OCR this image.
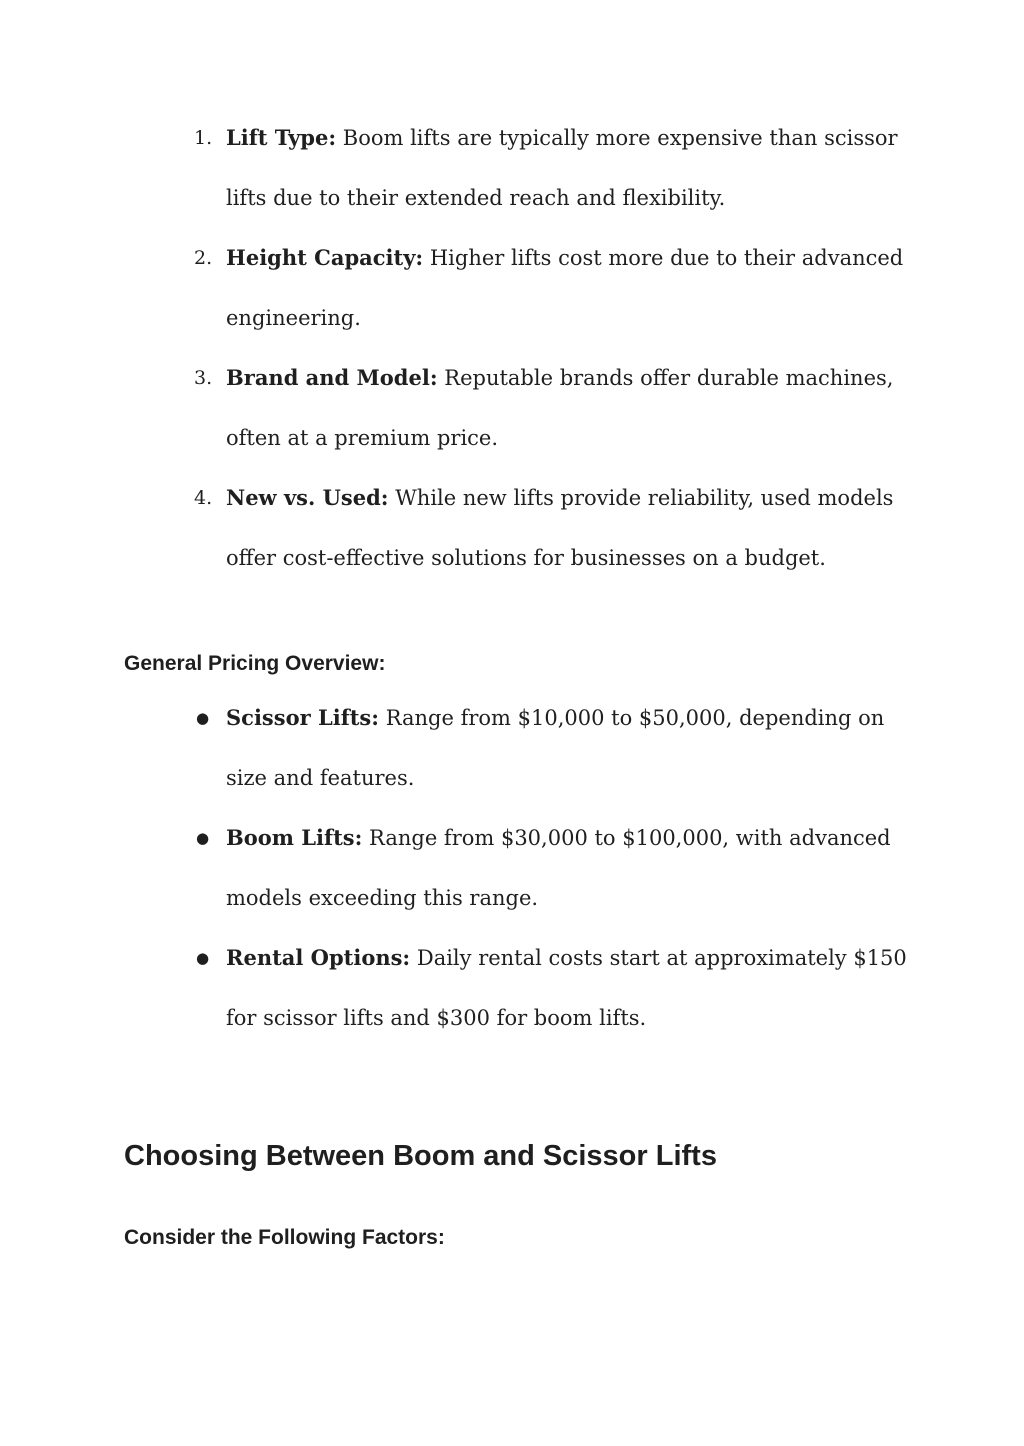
1. Lift Type: Boom lifts are typically more expensive than scissor lifts due to their extended reach and flexibility.
2. Height Capacity: Higher lifts cost more due to their advanced engineering.
3. Brand and Model: Reputable brands offer durable machines, often at a premium price.
4. New vs. Used: While new lifts provide reliability, used models offer cost-effective solutions for businesses on a budget.
General Pricing Overview:
● Scissor Lifts: Range from $10,000 to $50,000, depending on size and features.
● Boom Lifts: Range from $30,000 to $100,000, with advanced models exceeding this range.
● Rental Options: Daily rental costs start at approximately $150 for scissor lifts and $300 for boom lifts.
Choosing Between Boom and Scissor Lifts
Consider the Following Factors:
